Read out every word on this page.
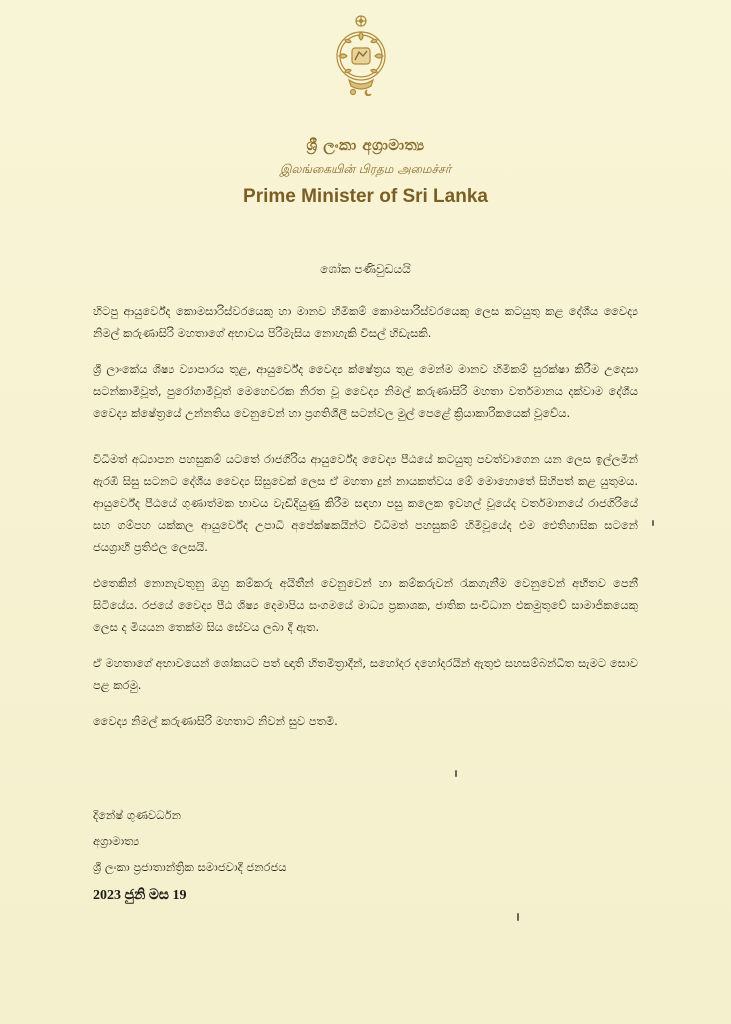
ශ්‍රී ලංකා අග්‍රාමාත්‍ය
இலங்கையின் பிரதம அமைச்சர்
Prime Minister of Sri Lanka
ශෝක පණිවුඩයයි

හිටපු ආයුර්වේද කොමසාරිස්වරයෙකු හා මානව හිමිකම් කොමසාරිස්වරයෙකු ලෙස කටයුතු කළ දේශීය වෛද්‍ය නිමල් කරුණාසිරි මහතාගේ අභාවය පිරිමැසිය නොහැකි විසල් හිඩැසකි.

ශ්‍රී ලාංකේය ශිෂ්‍ය ව්‍යාපාරය තුළ, ආයුර්වේද වෛද්‍ය ක්ෂේත්‍රය තුළ මෙන්ම මානව හිමිකම් සුරක්ෂා කිරීම උදෙසා සටන්කාමීවූත්, පුරෝගාමීවූත් මෙහෙවරක නිරත වූ වෛද්‍ය නිමල් කරුණාසිරි මහතා වර්තමානය දක්වාම දේශීය වෛද්‍ය ක්ෂේත්‍රයේ උන්නතිය වෙනුවෙන් හා ප්‍රගතිශීලී සටන්වල මුල් පෙළේ ක්‍රියාකාරිකයෙක් වූවේය.

විධිමත් අධ්‍යාපන පහසුකම් යටතේ රාජගිරිය ආයුර්වේද වෛද්‍ය පීඨයේ කටයුතු පවත්වාගෙන යන ලෙස ඉල්ලමින් ඇරඹි සිසු සටනට දේශීය වෛද්‍ය සිසුවෙක් ලෙස ඒ මහතා දුන් නායකත්වය මේ මොහොතේ සිහිපත් කළ යුතුමය. ආයුර්වේද පීඨයේ ගුණාත්මක භාවය වැඩිදියුණු කිරීම සඳහා පසු කලෙක ඉවහල් වූයේද වර්තමානයේ රාජගිරියේ සහ ගම්පහ යක්කල ආයුර්වේද උපාධි අපේක්ෂකයින්ට විධිමත් පහසුකම් හිමිවූයේද එම ඓතිහාසික සටනේ ජයග්‍රාහී ප්‍රතිඵල ලෙසයි.

එතෙකින් නොනැවතුනු ඔහු කම්කරු අයිතීන් වෙනුවෙන් හා කම්කරුවන් රැකගැනීම වෙනුවෙන් අභීතව පෙනී සිටියේය. රජයේ වෛද්‍ය පීඨ ශිෂ්‍ය දෙමාපිය සංගමයේ මාධ්‍ය ප්‍රකාශක, ජාතික සංවිධාන එකමුතුවේ සාමාජිකයෙකු ලෙස ද මියයන තෙක්ම සිය සේවය ලබා දී ඇත.

ඒ මහතාගේ අභාවයෙන් ශෝකයට පත් ඥාති හිතමිත්‍රාදීන්, සහෝදර දහෝදරයින් ඇතුළු සහසම්බන්ධිත සැමට සොව පළ කරමු.

වෛද්‍ය නිමල් කරුණාසිරි මහතාට නිවන් සුව පතමි.

දිනේෂ් ගුණවර්ධන
අග්‍රාමාත්‍ය
ශ්‍රී ලංකා ප්‍රජාතාන්ත්‍රික සමාජවාදී ජනරජය
2023 ජුනි මස 19
